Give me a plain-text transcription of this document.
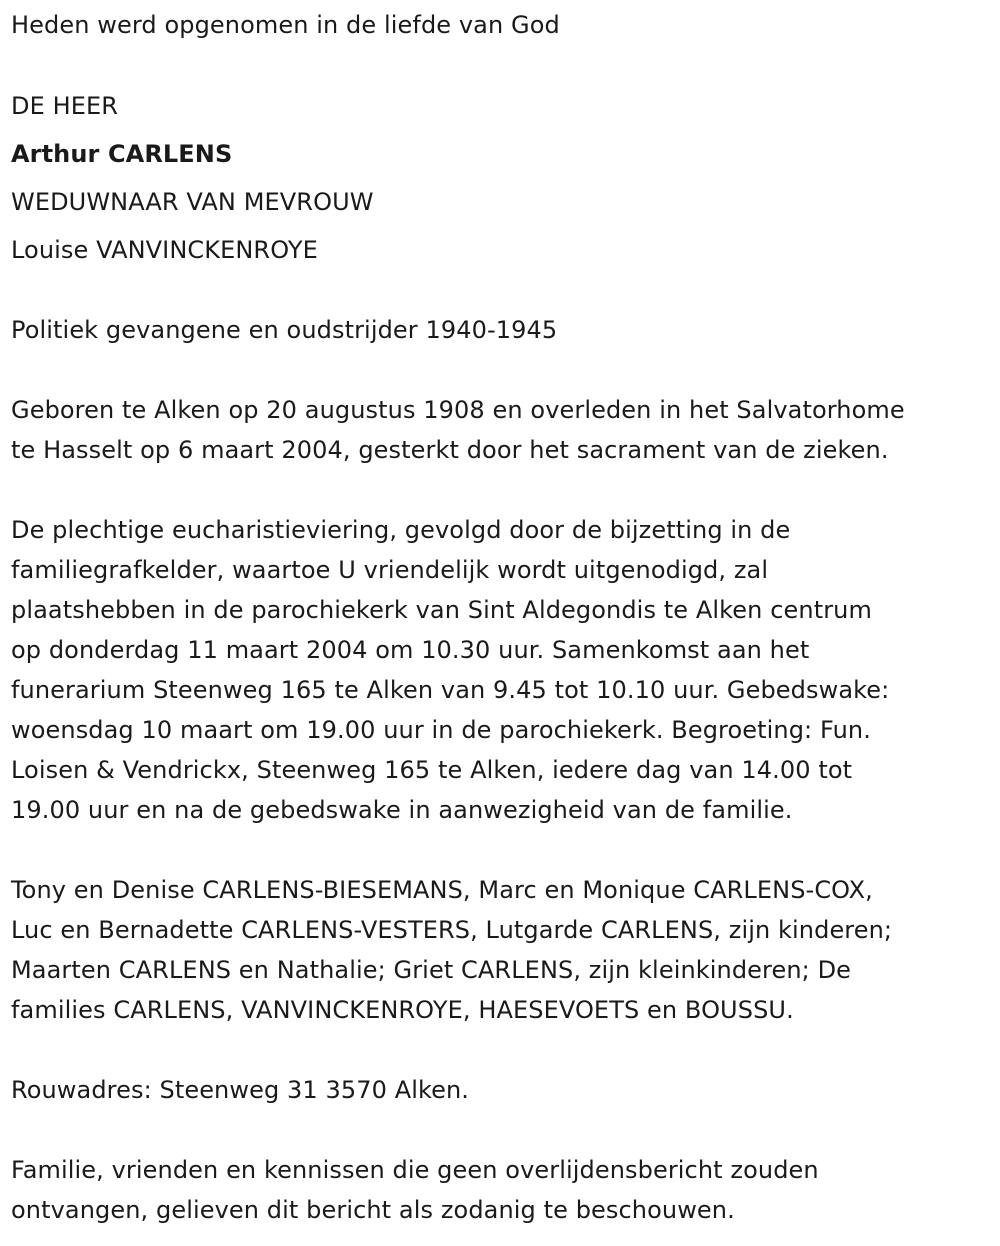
Heden werd opgenomen in de liefde van God
DE HEER
Arthur CARLENS
WEDUWNAAR VAN MEVROUW
Louise VANVINCKENROYE
Politiek gevangene en oudstrijder 1940-1945
Geboren te Alken op 20 augustus 1908 en overleden in het Salvatorhome
te Hasselt op 6 maart 2004, gesterkt door het sacrament van de zieken.
De plechtige eucharistieviering, gevolgd door de bijzetting in de
familiegrafkelder, waartoe U vriendelijk wordt uitgenodigd, zal
plaatshebben in de parochiekerk van Sint Aldegondis te Alken centrum
op donderdag 11 maart 2004 om 10.30 uur. Samenkomst aan het
funerarium Steenweg 165 te Alken van 9.45 tot 10.10 uur. Gebedswake:
woensdag 10 maart om 19.00 uur in de parochiekerk. Begroeting: Fun.
Loisen & Vendrickx, Steenweg 165 te Alken, iedere dag van 14.00 tot
19.00 uur en na de gebedswake in aanwezigheid van de familie.
Tony en Denise CARLENS-BIESEMANS, Marc en Monique CARLENS-COX,
Luc en Bernadette CARLENS-VESTERS, Lutgarde CARLENS, zijn kinderen;
Maarten CARLENS en Nathalie; Griet CARLENS, zijn kleinkinderen; De
families CARLENS, VANVINCKENROYE, HAESEVOETS en BOUSSU.
Rouwadres: Steenweg 31 3570 Alken.
Familie, vrienden en kennissen die geen overlijdensbericht zouden
ontvangen, gelieven dit bericht als zodanig te beschouwen.
